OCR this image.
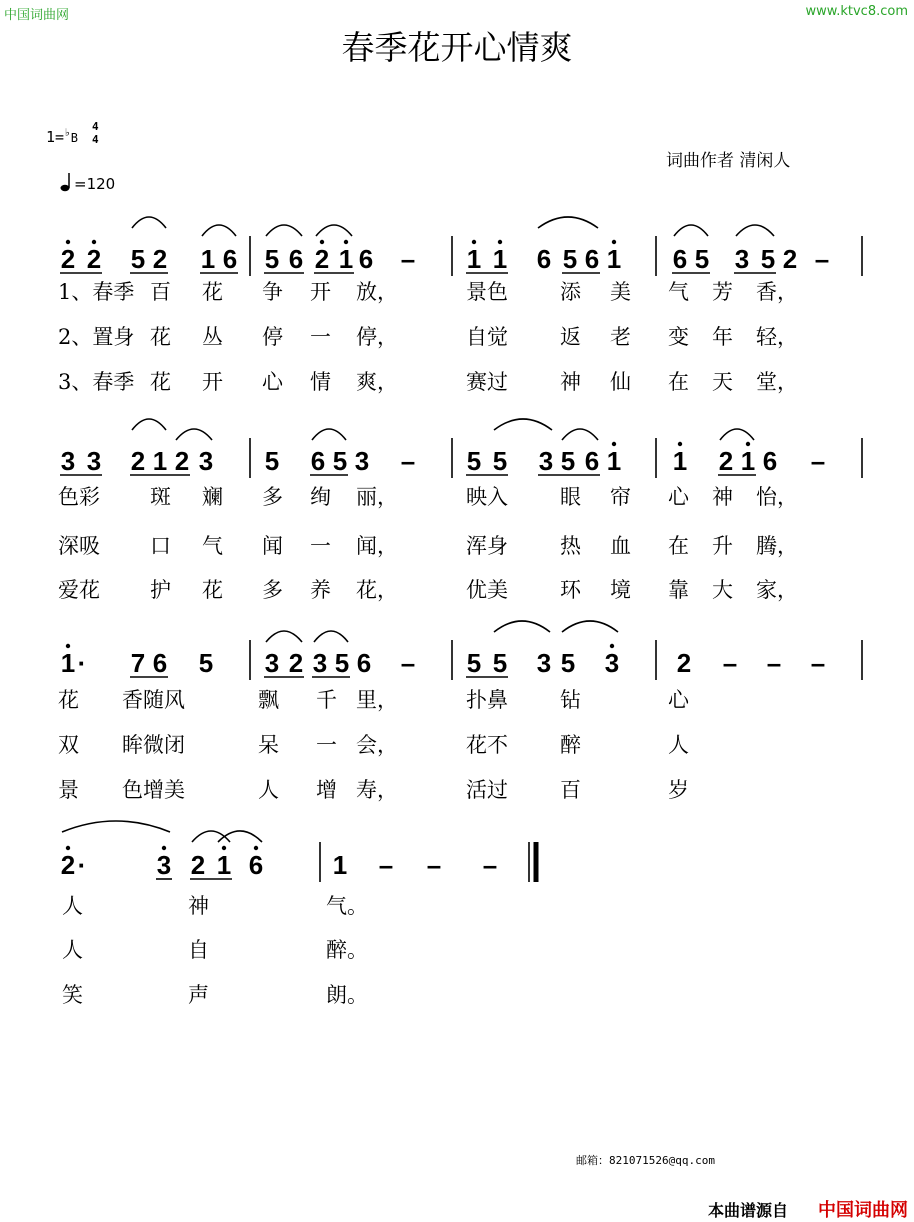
中国词曲网	www.ktvc8.com
春季花开心情爽
1=♭B
4
4
=120
词曲作者 清闲人
2 2 5 2 1 6 5 6 2 1 6 – 1 1 6 5 6 1 6 5 3 5 2 –
3 3 2 1 2 3 5 6 5 3 – 5 5 3 5 6 1 1 2 1 6 –
1 · 7 6 5 3 2 3 5 6 – 5 5 3 5 3 2 – – –
2 ·	3 2 1 6	1 – – –
1、春季 百 花 争 开 放，	景色 添 美 气 芳 香，
2、置身 花 丛 停 一 停，	自觉 返 老 变 年 轻，
3、春季 花 开 心 情 爽，	赛过 神 仙 在 天 堂，
色彩 斑 斓 多 绚 丽，	映入 眼 帘 心 神 怡，
深吸 口 气 闻 一 闻，	浑身 热 血 在 升 腾，
爱花 护 花 多 养 花，	优美 环 境 靠 大 家，
花 香随风	飘 千 里，	扑鼻 钻	心
双 眸微闭	呆 一 会，	花不 醉	人
景 色增美	人 增 寿，	活过 百	岁
人	神	气。
人	自	醉。
笑	声	朗。
邮箱：821071526@qq.com
本曲谱源自 中国词曲网
